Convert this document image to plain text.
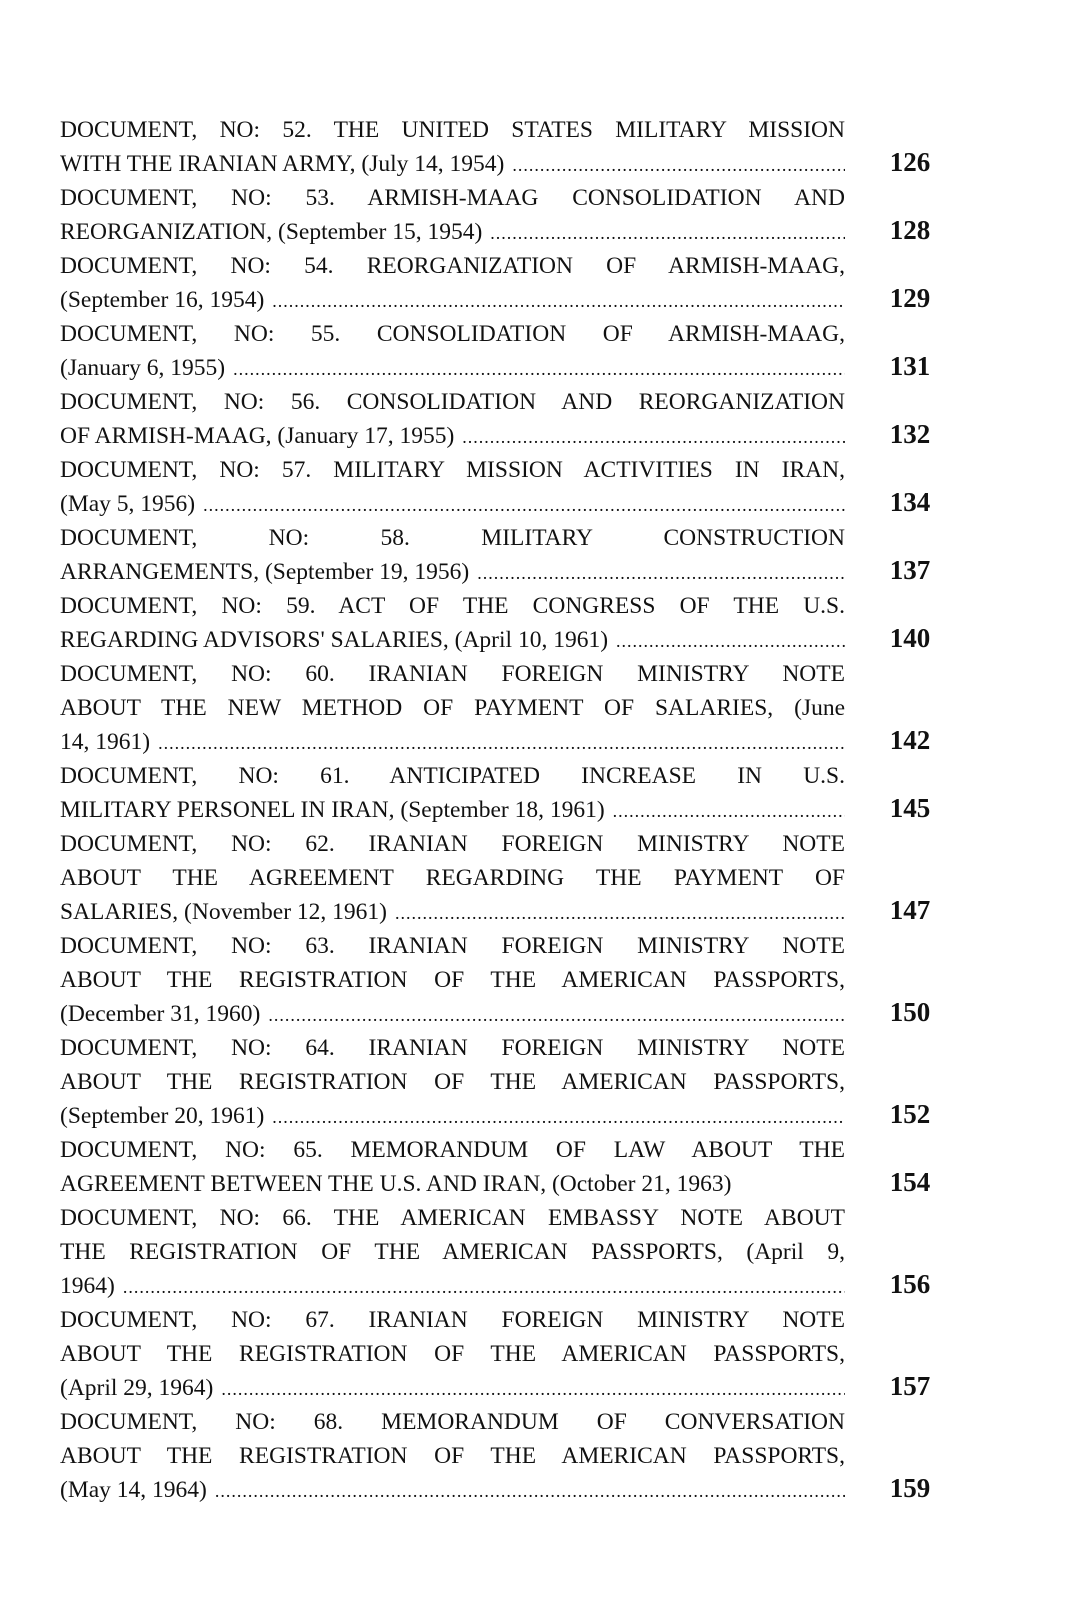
DOCUMENT, NO: 52. THE UNITED STATES MILITARY MISSION
WITH THE IRANIAN ARMY, (July 14, 1954) .....	126
DOCUMENT, NO: 53. ARMISH-MAAG CONSOLIDATION AND
REORGANIZATION, (September 15, 1954) .....	128
DOCUMENT, NO: 54. REORGANIZATION OF ARMISH-MAAG,
(September 16, 1954) .....	129
DOCUMENT, NO: 55. CONSOLIDATION OF ARMISH-MAAG,
(January 6, 1955) .....	131
DOCUMENT, NO: 56. CONSOLIDATION AND REORGANIZATION
OF ARMISH-MAAG, (January 17, 1955) .....	132
DOCUMENT, NO: 57. MILITARY MISSION ACTIVITIES IN IRAN,
(May 5, 1956) .....	134
DOCUMENT, NO: 58. MILITARY CONSTRUCTION
ARRANGEMENTS, (September 19, 1956) .....	137
DOCUMENT, NO: 59. ACT OF THE CONGRESS OF THE U.S.
REGARDING ADVISORS' SALARIES, (April 10, 1961) .....	140
DOCUMENT, NO: 60. IRANIAN FOREIGN MINISTRY NOTE
ABOUT THE NEW METHOD OF PAYMENT OF SALARIES, (June
14, 1961) .....	142
DOCUMENT, NO: 61. ANTICIPATED INCREASE IN U.S.
MILITARY PERSONEL IN IRAN, (September 18, 1961) .....	145
DOCUMENT, NO: 62. IRANIAN FOREIGN MINISTRY NOTE
ABOUT THE AGREEMENT REGARDING THE PAYMENT OF
SALARIES, (November 12, 1961) .....	147
DOCUMENT, NO: 63. IRANIAN FOREIGN MINISTRY NOTE
ABOUT THE REGISTRATION OF THE AMERICAN PASSPORTS,
(December 31, 1960) .....	150
DOCUMENT, NO: 64. IRANIAN FOREIGN MINISTRY NOTE
ABOUT THE REGISTRATION OF THE AMERICAN PASSPORTS,
(September 20, 1961) .....	152
DOCUMENT, NO: 65. MEMORANDUM OF LAW ABOUT THE
AGREEMENT BETWEEN THE U.S. AND IRAN, (October 21, 1963)	154
DOCUMENT, NO: 66. THE AMERICAN EMBASSY NOTE ABOUT
THE REGISTRATION OF THE AMERICAN PASSPORTS, (April 9,
1964) .....	156
DOCUMENT, NO: 67. IRANIAN FOREIGN MINISTRY NOTE
ABOUT THE REGISTRATION OF THE AMERICAN PASSPORTS,
(April 29, 1964) .....	157
DOCUMENT, NO: 68. MEMORANDUM OF CONVERSATION
ABOUT THE REGISTRATION OF THE AMERICAN PASSPORTS,
(May 14, 1964) .....	159
